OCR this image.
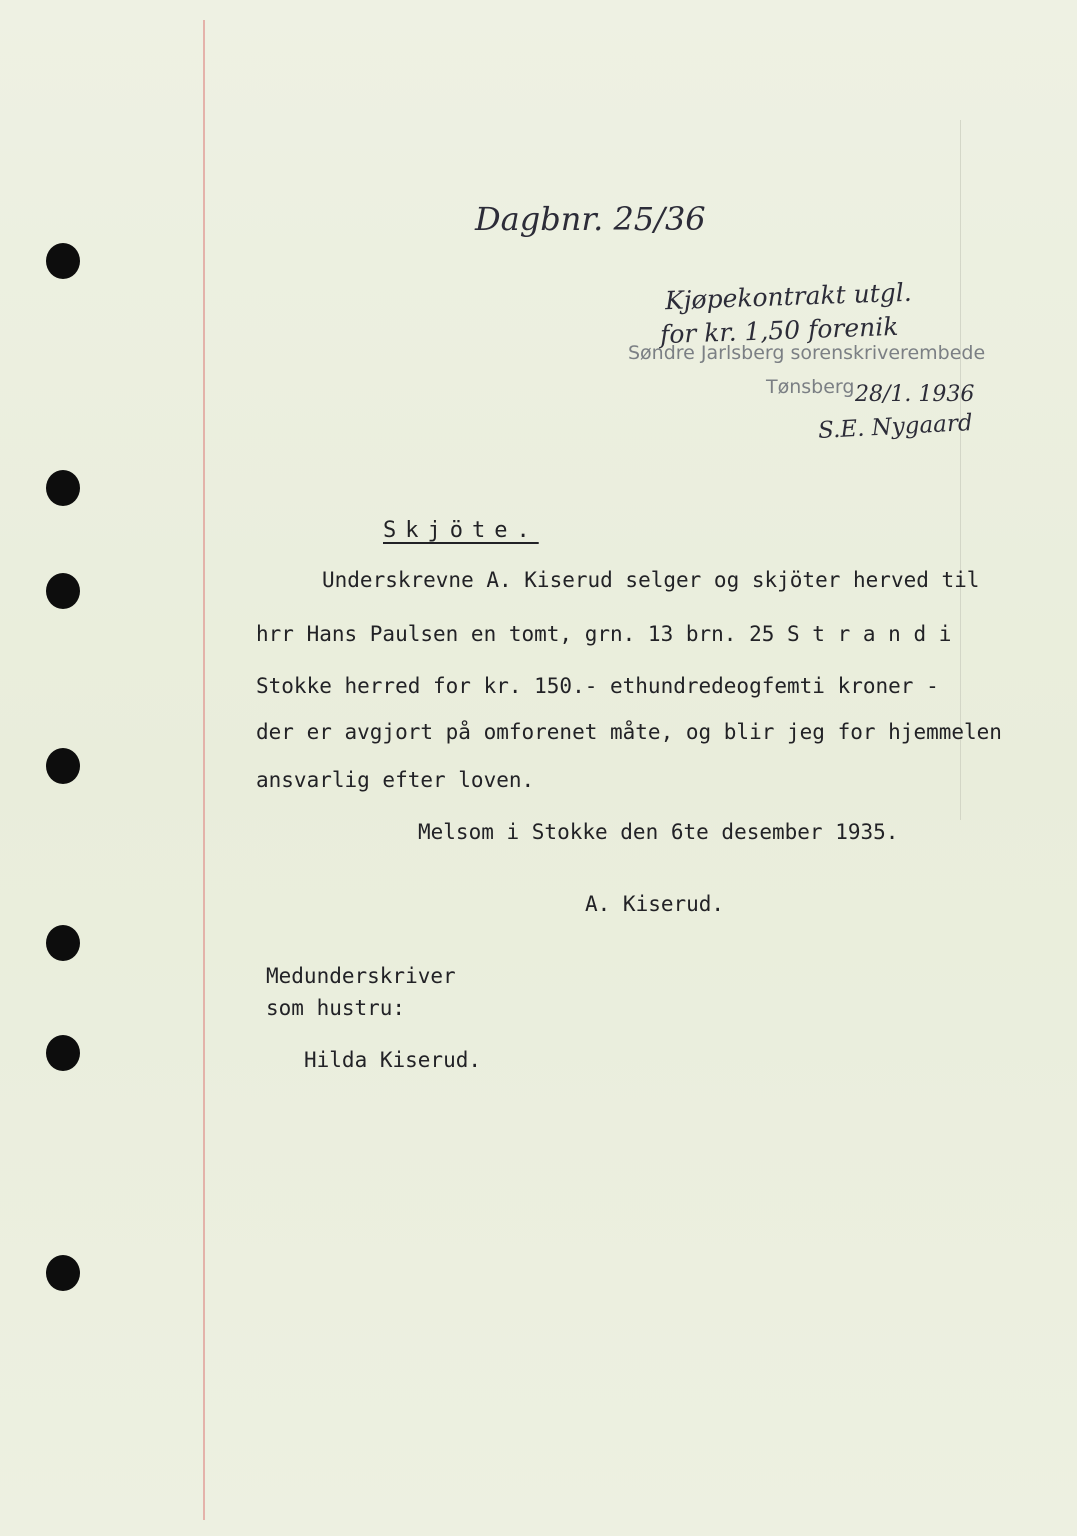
Dagbnr. 25/36
Kjøpekontrakt utgl.
for kr. 1,50 forenik
Søndre Jarlsberg sorenskriverembede
Tønsberg 28/1. 1936
S.E. Nygaard
Skjöte.
Underskrevne A. Kiserud selger og skjöter herved til
hrr Hans Paulsen en tomt, grn. 13 brn. 25 S t r a n d i
Stokke herred for kr. 150.- ethundredeogfemti kroner -
der er avgjort på omforenet måte, og blir jeg for hjemmelen
ansvarlig efter loven.
Melsom i Stokke den 6te desember 1935.
A. Kiserud.
Medunderskriver
som hustru:
Hilda Kiserud.
